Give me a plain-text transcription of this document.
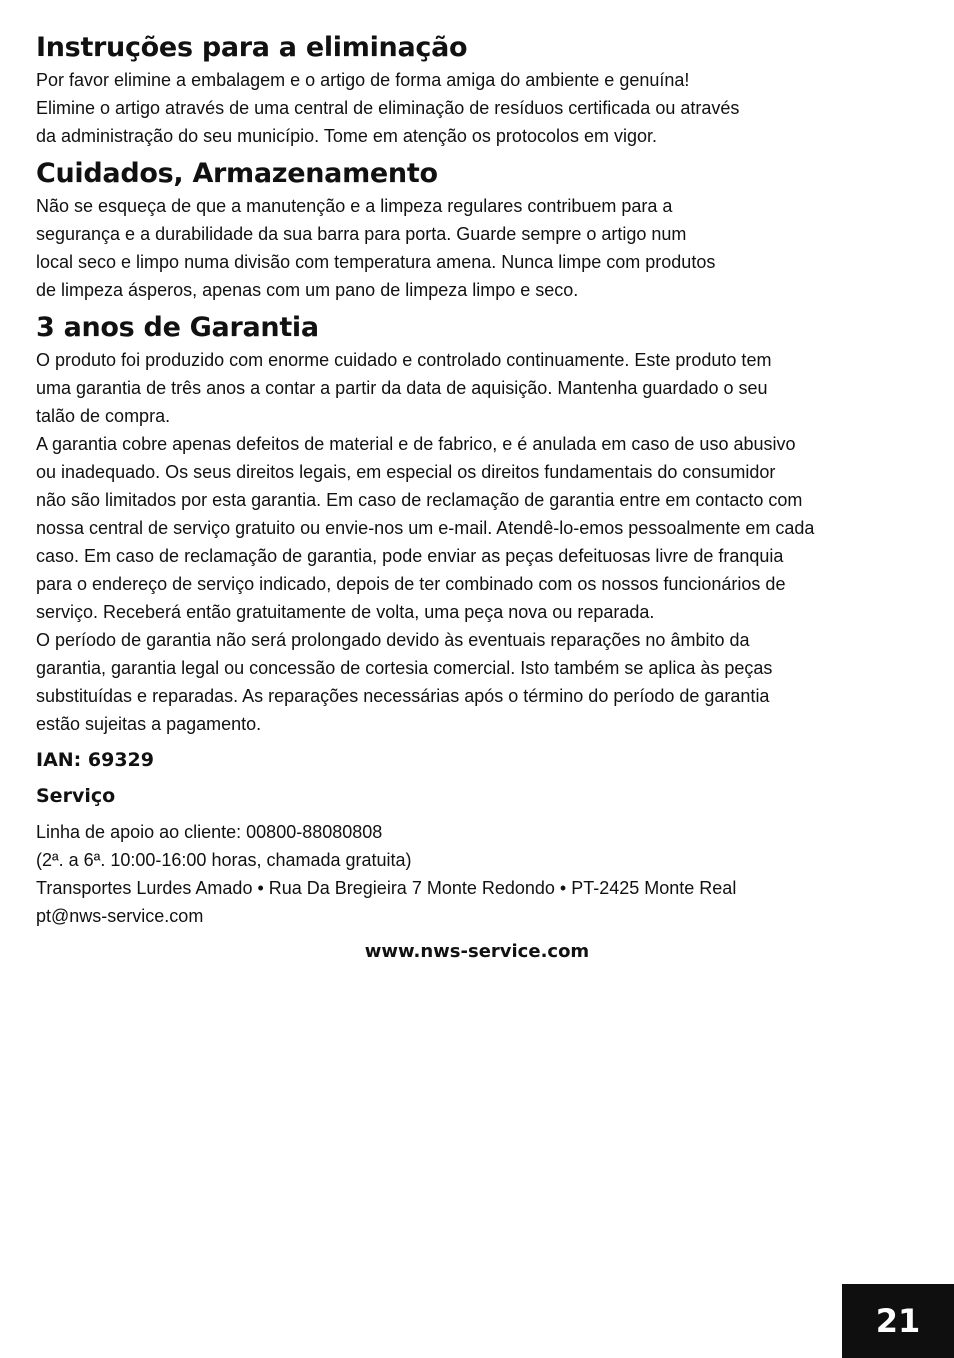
Instruções para a eliminação
Por favor elimine a embalagem e o artigo de forma amiga do ambiente e genuína!
Elimine o artigo através de uma central de eliminação de resíduos certificada ou através
da administração do seu município. Tome em atenção os protocolos em vigor.
Cuidados, Armazenamento
Não se esqueça de que a manutenção e a limpeza regulares contribuem para a
segurança e a durabilidade da sua barra para porta. Guarde sempre o artigo num
local seco e limpo numa divisão com temperatura amena. Nunca limpe com produtos
de limpeza ásperos, apenas com um pano de limpeza limpo e seco.
3 anos de Garantia
O produto foi produzido com enorme cuidado e controlado continuamente. Este produto tem
uma garantia de três anos a contar a partir da data de aquisição. Mantenha guardado o seu
talão de compra.
A garantia cobre apenas defeitos de material e de fabrico, e é anulada em caso de uso abusivo
ou inadequado. Os seus direitos legais, em especial os direitos fundamentais do consumidor
não são limitados por esta garantia. Em caso de reclamação de garantia entre em contacto com
nossa central de serviço gratuito ou envie-nos um e-mail. Atendê-lo-emos pessoalmente em cada
caso. Em caso de reclamação de garantia, pode enviar as peças defeituosas livre de franquia
para o endereço de serviço indicado, depois de ter combinado com os nossos funcionários de
serviço. Receberá então gratuitamente de volta, uma peça nova ou reparada.
O período de garantia não será prolongado devido às eventuais reparações no âmbito da
garantia, garantia legal ou concessão de cortesia comercial. Isto também se aplica às peças
substituídas e reparadas. As reparações necessárias após o término do período de garantia
estão sujeitas a pagamento.
IAN: 69329
Serviço
Linha de apoio ao cliente: 00800-88080808
(2ª. a 6ª. 10:00-16:00 horas, chamada gratuita)
Transportes Lurdes Amado • Rua Da Bregieira 7 Monte Redondo • PT-2425 Monte Real
pt@nws-service.com
www.nws-service.com
21
